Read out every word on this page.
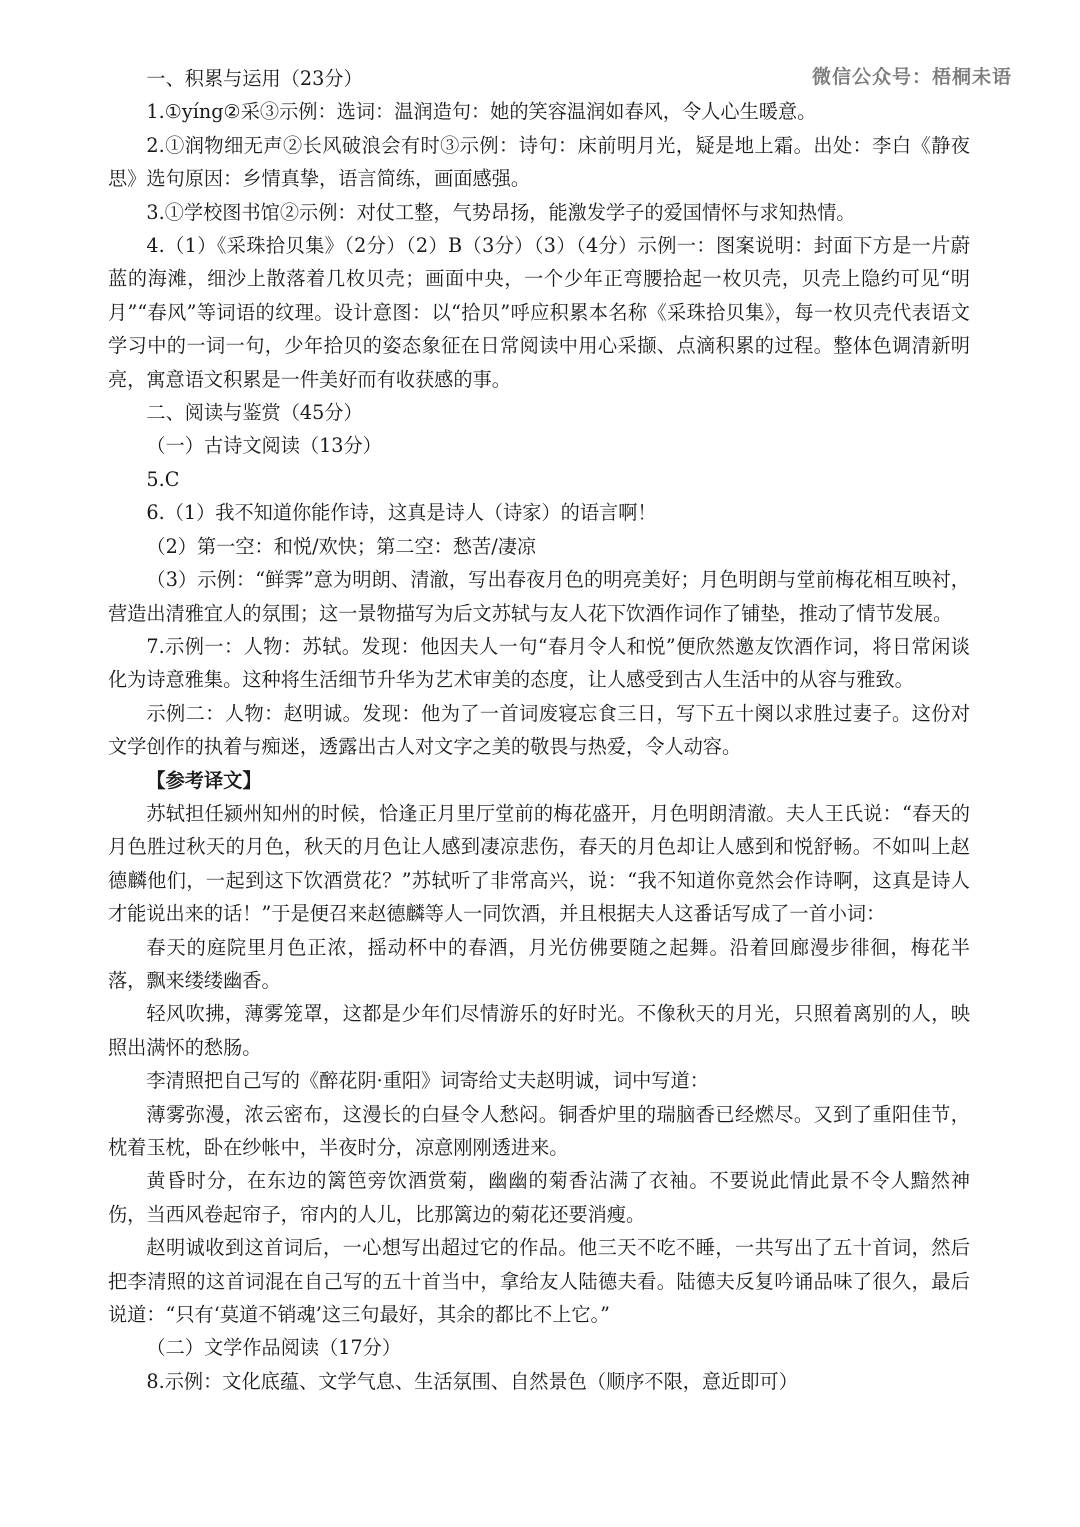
微信公众号：梧桐未语

一、积累与运用（23分）

1.①yíng②采③示例：选词：温润造句：她的笑容温润如春风，令人心生暖意。

2.①润物细无声②长风破浪会有时③示例：诗句：床前明月光，疑是地上霜。出处：李白《静夜思》选句原因：乡情真挚，语言简练，画面感强。

3.①学校图书馆②示例：对仗工整，气势昂扬，能激发学子的爱国情怀与求知热情。

4.（1）《采珠拾贝集》（2分）（2）B（3分）（3）（4分）示例一：图案说明：封面下方是一片蔚蓝的海滩，细沙上散落着几枚贝壳；画面中央，一个少年正弯腰拾起一枚贝壳，贝壳上隐约可见“明月”“春风”等词语的纹理。设计意图：以“拾贝”呼应积累本名称《采珠拾贝集》，每一枚贝壳代表语文学习中的一词一句，少年拾贝的姿态象征在日常阅读中用心采撷、点滴积累的过程。整体色调清新明亮，寓意语文积累是一件美好而有收获感的事。

二、阅读与鉴赏（45分）

（一）古诗文阅读（13分）

5.C

6.（1）我不知道你能作诗，这真是诗人（诗家）的语言啊！

（2）第一空：和悦/欢快；第二空：愁苦/凄凉

（3）示例：“鲜霁”意为明朗、清澈，写出春夜月色的明亮美好；月色明朗与堂前梅花相互映衬，营造出清雅宜人的氛围；这一景物描写为后文苏轼与友人花下饮酒作词作了铺垫，推动了情节发展。

7.示例一：人物：苏轼。发现：他因夫人一句“春月令人和悦”便欣然邀友饮酒作词，将日常闲谈化为诗意雅集。这种将生活细节升华为艺术审美的态度，让人感受到古人生活中的从容与雅致。

示例二：人物：赵明诚。发现：他为了一首词废寝忘食三日，写下五十阕以求胜过妻子。这份对文学创作的执着与痴迷，透露出古人对文字之美的敬畏与热爱，令人动容。

【参考译文】

苏轼担任颍州知州的时候，恰逢正月里厅堂前的梅花盛开，月色明朗清澈。夫人王氏说：“春天的月色胜过秋天的月色，秋天的月色让人感到凄凉悲伤，春天的月色却让人感到和悦舒畅。不如叫上赵德麟他们，一起到这下饮酒赏花？”苏轼听了非常高兴，说：“我不知道你竟然会作诗啊，这真是诗人才能说出来的话！”于是便召来赵德麟等人一同饮酒，并且根据夫人这番话写成了一首小词：

春天的庭院里月色正浓，摇动杯中的春酒，月光仿佛要随之起舞。沿着回廊漫步徘徊，梅花半落，飘来缕缕幽香。

轻风吹拂，薄雾笼罩，这都是少年们尽情游乐的好时光。不像秋天的月光，只照着离别的人，映照出满怀的愁肠。

李清照把自己写的《醉花阴·重阳》词寄给丈夫赵明诚，词中写道：

薄雾弥漫，浓云密布，这漫长的白昼令人愁闷。铜香炉里的瑞脑香已经燃尽。又到了重阳佳节，枕着玉枕，卧在纱帐中，半夜时分，凉意刚刚透进来。

黄昏时分，在东边的篱笆旁饮酒赏菊，幽幽的菊香沾满了衣袖。不要说此情此景不令人黯然神伤，当西风卷起帘子，帘内的人儿，比那篱边的菊花还要消瘦。

赵明诚收到这首词后，一心想写出超过它的作品。他三天不吃不睡，一共写出了五十首词，然后把李清照的这首词混在自己写的五十首当中，拿给友人陆德夫看。陆德夫反复吟诵品味了很久，最后说道：“只有‘莫道不销魂’这三句最好，其余的都比不上它。”

（二）文学作品阅读（17分）

8.示例：文化底蕴、文学气息、生活氛围、自然景色（顺序不限，意近即可）
